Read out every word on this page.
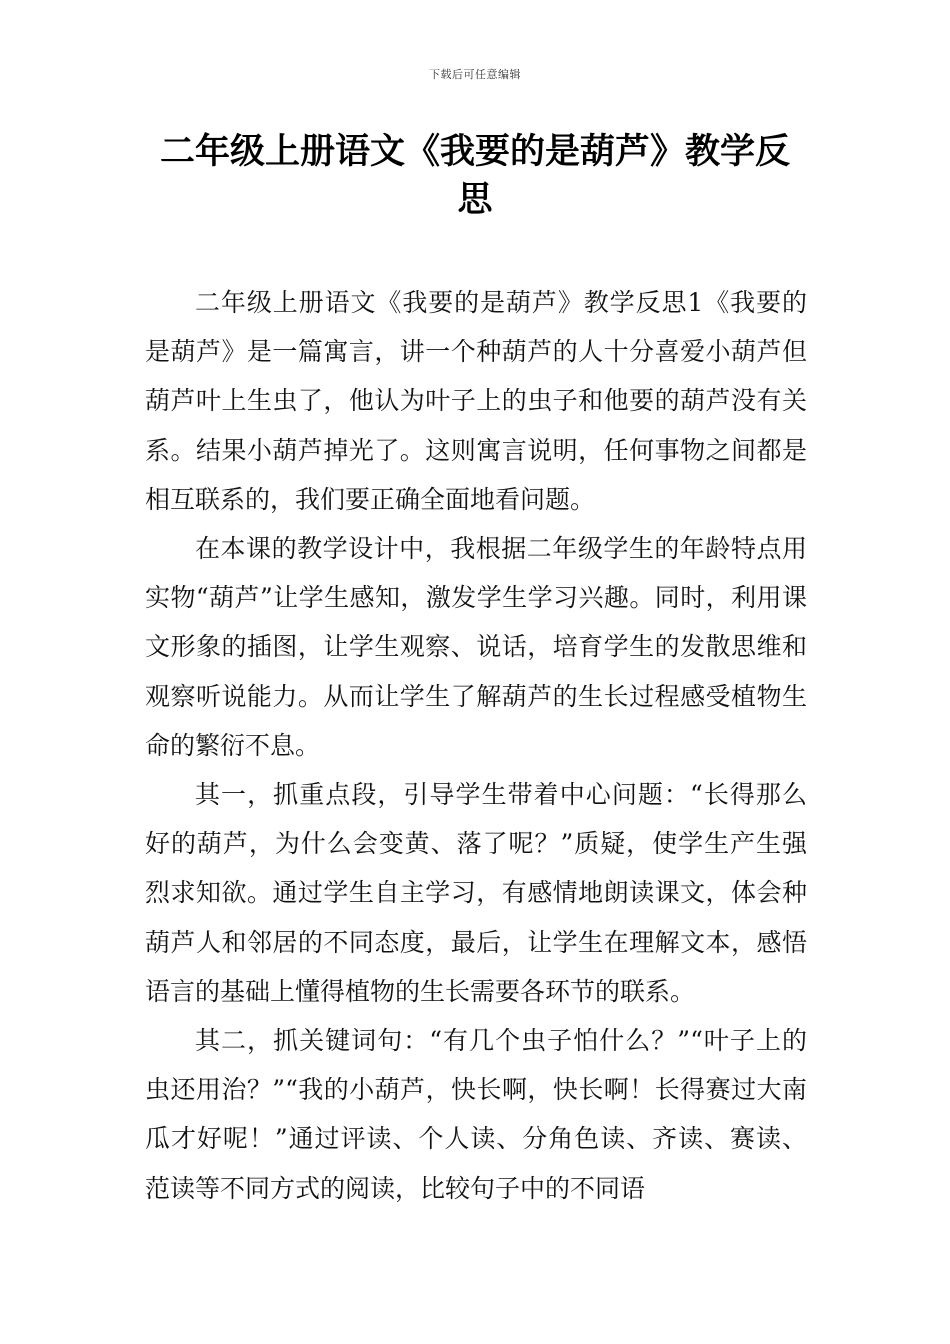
下载后可任意编辑
二年级上册语文《我要的是葫芦》教学反思

二年级上册语文《我要的是葫芦》教学反思1《我要的是葫芦》是一篇寓言，讲一个种葫芦的人十分喜爱小葫芦但葫芦叶上生虫了，他认为叶子上的虫子和他要的葫芦没有关系。结果小葫芦掉光了。这则寓言说明，任何事物之间都是相互联系的，我们要正确全面地看问题。

在本课的教学设计中，我根据二年级学生的年龄特点用实物“葫芦”让学生感知，激发学生学习兴趣。同时，利用课文形象的插图，让学生观察、说话，培育学生的发散思维和观察听说能力。从而让学生了解葫芦的生长过程感受植物生命的繁衍不息。

其一，抓重点段，引导学生带着中心问题：“长得那么好的葫芦，为什么会变黄、落了呢？”质疑，使学生产生强烈求知欲。通过学生自主学习，有感情地朗读课文，体会种葫芦人和邻居的不同态度，最后，让学生在理解文本，感悟语言的基础上懂得植物的生长需要各环节的联系。

其二，抓关键词句：“有几个虫子怕什么？”“叶子上的虫还用治？”“我的小葫芦，快长啊，快长啊！长得赛过大南瓜才好呢！”通过评读、个人读、分角色读、齐读、赛读、范读等不同方式的阅读，比较句子中的不同语
